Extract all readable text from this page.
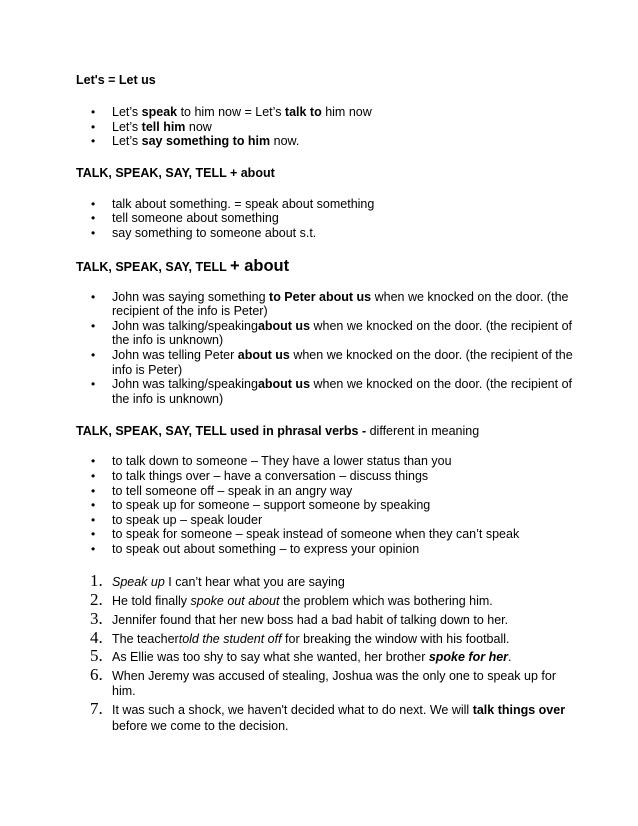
Let's = Let us

• Let’s speak to him now = Let’s talk to him now
• Let’s tell him now
• Let’s say something to him now.

TALK, SPEAK, SAY, TELL + about

• talk about something. = speak about something
• tell someone about something
• say something to someone about s.t.

TALK, SPEAK, SAY, TELL + about

• John was saying something to Peter about us when we knocked on the door. (the recipient of the info is Peter)
• John was talking/speakingabout us when we knocked on the door. (the recipient of the info is unknown)
• John was telling Peter about us when we knocked on the door. (the recipient of the info is Peter)
• John was talking/speakingabout us when we knocked on the door. (the recipient of the info is unknown)

TALK, SPEAK, SAY, TELL used in phrasal verbs - different in meaning

• to talk down to someone – They have a lower status than you
• to talk things over – have a conversation – discuss things
• to tell someone off – speak in an angry way
• to speak up for someone – support someone by speaking
• to speak up – speak louder
• to speak for someone – speak instead of someone when they can’t speak
• to speak out about something – to express your opinion
1. Speak up I can’t hear what you are saying
2. He told finally spoke out about the problem which was bothering him.
3. Jennifer found that her new boss had a bad habit of talking down to her.
4. The teachertold the student off for breaking the window with his football.
5. As Ellie was too shy to say what she wanted, her brother spoke for her.
6. When Jeremy was accused of stealing, Joshua was the only one to speak up for him.
7. It was such a shock, we haven't decided what to do next. We will talk things over before we come to the decision.
